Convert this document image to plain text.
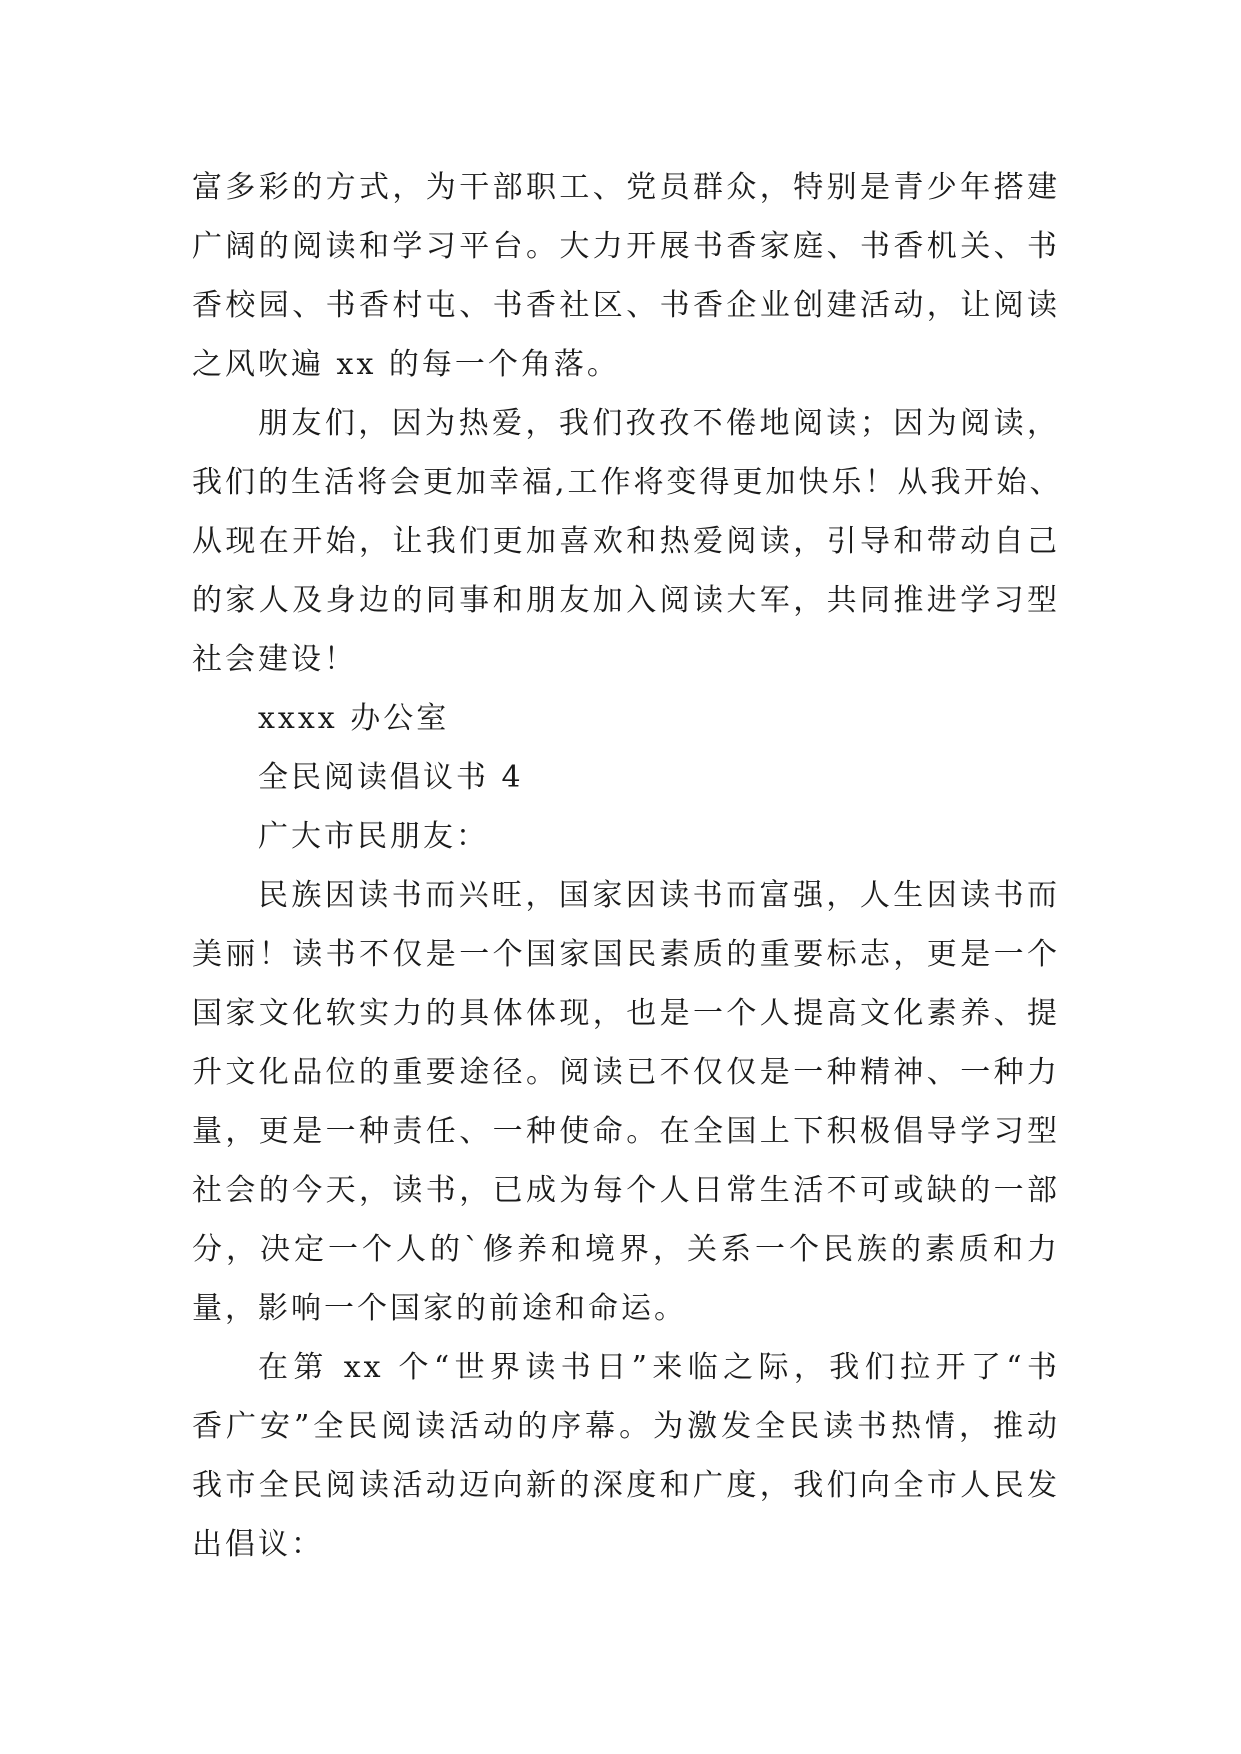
富多彩的方式，为干部职工、党员群众，特别是青少年搭建
广阔的阅读和学习平台。大力开展书香家庭、书香机关、书
香校园、书香村屯、书香社区、书香企业创建活动，让阅读
之风吹遍 xx 的每一个角落。
朋友们，因为热爱，我们孜孜不倦地阅读；因为阅读，
我们的生活将会更加幸福,工作将变得更加快乐！从我开始、
从现在开始，让我们更加喜欢和热爱阅读，引导和带动自己
的家人及身边的同事和朋友加入阅读大军，共同推进学习型
社会建设！
xxxx 办公室
全民阅读倡议书 4
广大市民朋友：
民族因读书而兴旺，国家因读书而富强，人生因读书而
美丽！读书不仅是一个国家国民素质的重要标志，更是一个
国家文化软实力的具体体现，也是一个人提高文化素养、提
升文化品位的重要途径。阅读已不仅仅是一种精神、一种力
量，更是一种责任、一种使命。在全国上下积极倡导学习型
社会的今天，读书，已成为每个人日常生活不可或缺的一部
分，决定一个人的`修养和境界，关系一个民族的素质和力
量，影响一个国家的前途和命运。
在第 xx 个“世界读书日”来临之际，我们拉开了“书
香广安”全民阅读活动的序幕。为激发全民读书热情，推动
我市全民阅读活动迈向新的深度和广度，我们向全市人民发
出倡议：
